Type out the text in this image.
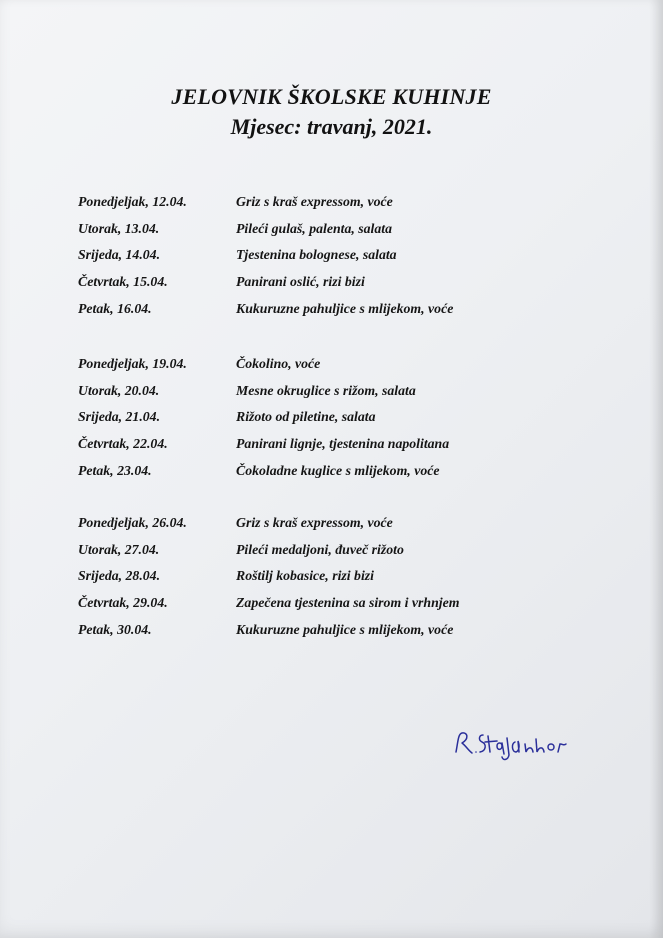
JELOVNIK ŠKOLSKE KUHINJE
Mjesec: travanj, 2021.
Ponedjeljak, 12.04.	Griz s kraš expressom, voće
Utorak, 13.04.	Pileći gulaš, palenta, salata
Srijeda, 14.04.	Tjestenina bolognese, salata
Četvrtak, 15.04.	Panirani oslić, rizi bizi
Petak, 16.04.	Kukuruzne pahuljice s mlijekom, voće
Ponedjeljak, 19.04.	Čokolino, voće
Utorak, 20.04.	Mesne okruglice s rižom, salata
Srijeda, 21.04.	Rižoto od piletine, salata
Četvrtak, 22.04.	Panirani lignje, tjestenina napolitana
Petak, 23.04.	Čokoladne kuglice s mlijekom, voće
Ponedjeljak, 26.04.	Griz s kraš expressom, voće
Utorak, 27.04.	Pileći medaljoni, đuveč rižoto
Srijeda, 28.04.	Roštilj kobasice, rizi bizi
Četvrtak, 29.04.	Zapečena tjestenina sa sirom i vrhnjem
Petak, 30.04.	Kukuruzne pahuljice s mlijekom, voće
